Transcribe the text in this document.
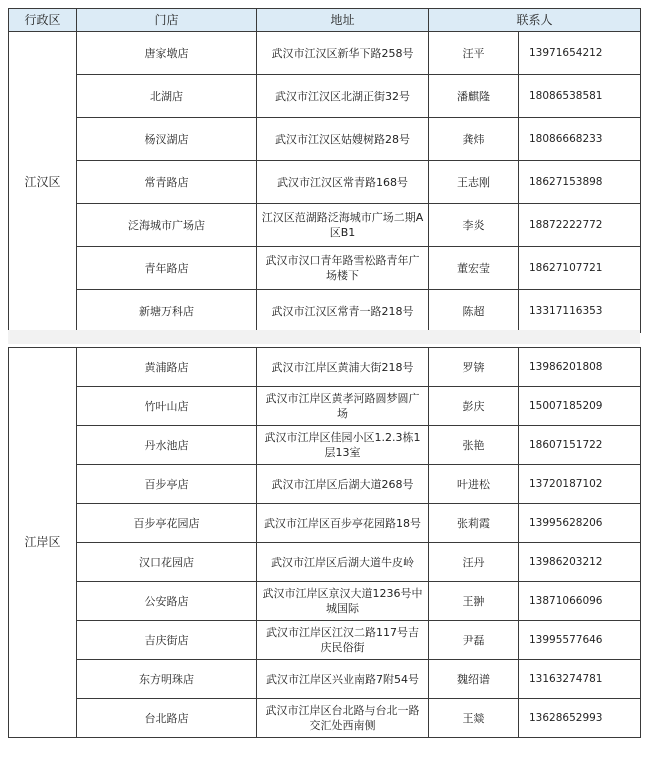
行政区	门店	地址	联系人	
江汉区	唐家墩店	武汉市江汉区新华下路258号	汪平	13971654212
	北湖店	武汉市江汉区北湖正街32号	潘麒隆	18086538581
	杨汊湖店	武汉市江汉区姑嫂树路28号	龚炜	18086668233
	常青路店	武汉市江汉区常青路168号	王志刚	18627153898
	泛海城市广场店	江汉区范湖路泛海城市广场二期A区B1	李炎	18872222772
	青年路店	武汉市汉口青年路雪松路青年广场楼下	董宏莹	18627107721
	新塘万科店	武汉市江汉区常青一路218号	陈超	13317116353
江岸区	黄浦路店	武汉市江岸区黄浦大街218号	罗锛	13986201808
	竹叶山店	武汉市江岸区黄孝河路圆梦圆广场	彭庆	15007185209
	丹水池店	武汉市江岸区佳园小区1.2.3栋1层13室	张艳	18607151722
	百步亭店	武汉市江岸区后湖大道268号	叶进松	13720187102
	百步亭花园店	武汉市江岸区百步亭花园路18号	张莉霞	13995628206
	汉口花园店	武汉市江岸区后湖大道牛皮岭	汪丹	13986203212
	公安路店	武汉市江岸区京汉大道1236号中城国际	王翀	13871066096
	吉庆街店	武汉市江岸区江汉二路117号吉庆民俗街	尹磊	13995577646
	东方明珠店	武汉市江岸区兴业南路7附54号	魏绍谱	13163274781
	台北路店	武汉市江岸区台北路与台北一路交汇处西南侧	王燚	13628652993
